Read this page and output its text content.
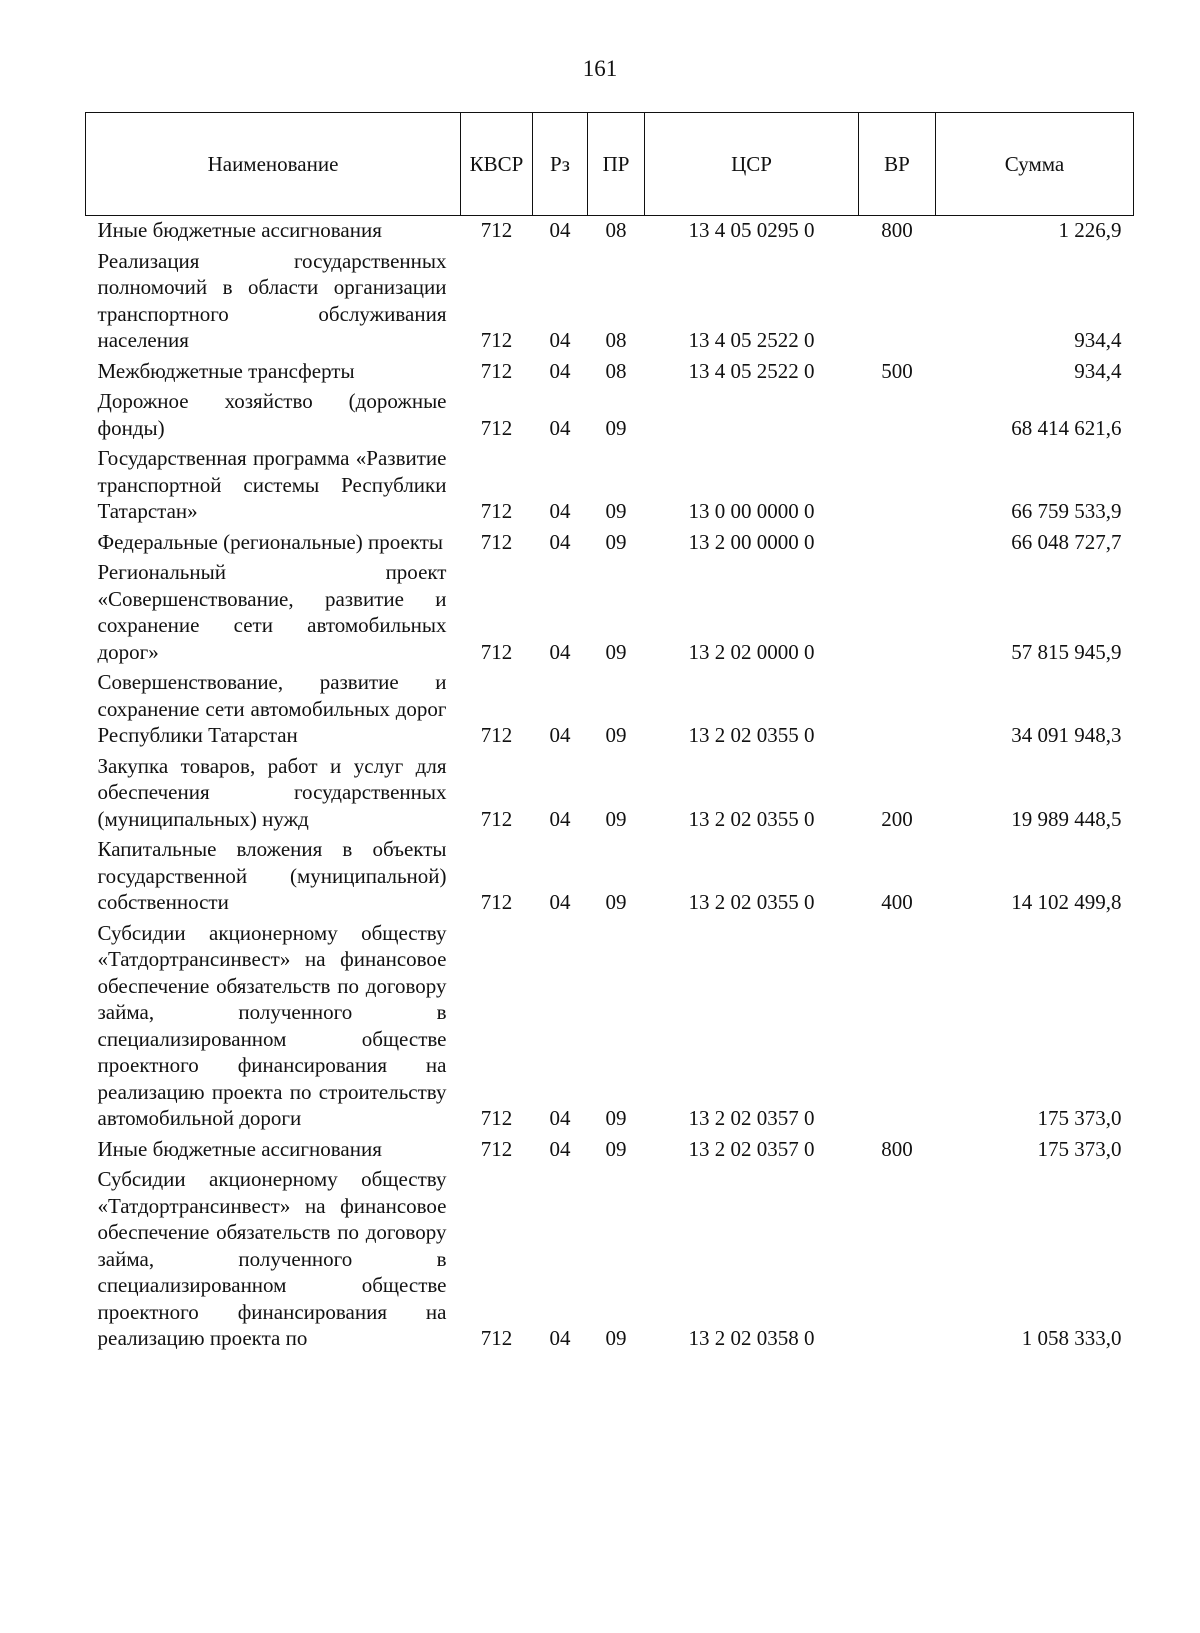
161
Наименование	КВСР	Рз	ПР	ЦСР	ВР	Сумма
Иные бюджетные ассигнования	712	04	08	13 4 05 0295 0	800	1 226,9
Реализация государственных полномочий в области организации транспортного обслуживания населения	712	04	08	13 4 05 2522 0		934,4
Межбюджетные трансферты	712	04	08	13 4 05 2522 0	500	934,4
Дорожное хозяйство (дорожные фонды)	712	04	09			68 414 621,6
Государственная программа «Развитие транспортной системы Республики Татарстан»	712	04	09	13 0 00 0000 0		66 759 533,9
Федеральные (региональные) проекты	712	04	09	13 2 00 0000 0		66 048 727,7
Региональный проект «Совершенствование, развитие и сохранение сети автомобильных дорог»	712	04	09	13 2 02 0000 0		57 815 945,9
Совершенствование, развитие и сохранение сети автомобильных дорог Республики Татарстан	712	04	09	13 2 02 0355 0		34 091 948,3
Закупка товаров, работ и услуг для обеспечения государственных (муниципальных) нужд	712	04	09	13 2 02 0355 0	200	19 989 448,5
Капитальные вложения в объекты государственной (муниципальной) собственности	712	04	09	13 2 02 0355 0	400	14 102 499,8
Субсидии акционерному обществу «Татдортрансинвест» на финансовое обеспечение обязательств по договору займа, полученного в специализированном обществе проектного финансирования на реализацию проекта по строительству автомобильной дороги	712	04	09	13 2 02 0357 0		175 373,0
Иные бюджетные ассигнования	712	04	09	13 2 02 0357 0	800	175 373,0
Субсидии акционерному обществу «Татдортрансинвест» на финансовое обеспечение обязательств по договору займа, полученного в специализированном обществе проектного финансирования на реализацию проекта по	712	04	09	13 2 02 0358 0		1 058 333,0
